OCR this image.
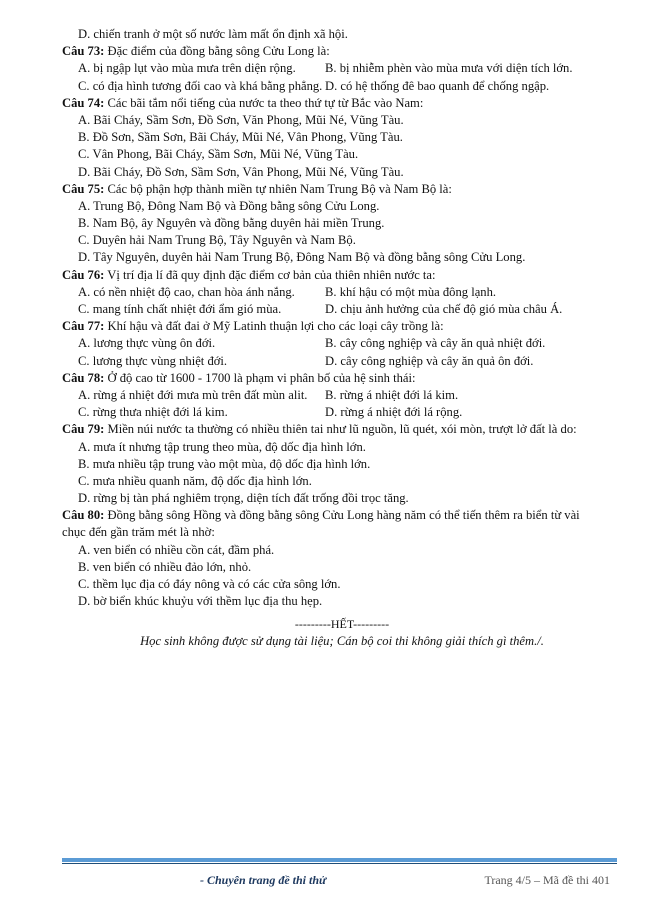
D. chiến tranh ở một số nước làm mất ổn định xã hội.
Câu 73: Đặc điểm của đồng bằng sông Cửu Long là:
A. bị ngập lụt vào mùa mưa trên diện rộng.	B. bị nhiễm phèn vào mùa mưa với diện tích lớn.
C. có địa hình tương đối cao và khá bằng phẳng. D. có hệ thống đê bao quanh để chống ngập.
Câu 74: Các bãi tắm nổi tiếng của nước ta theo thứ tự từ Bắc vào Nam:
A. Bãi Cháy, Sầm Sơn, Đồ Sơn, Văn Phong, Mũi Né, Vũng Tàu.
B. Đồ Sơn, Sầm Sơn, Bãi Cháy, Mũi Né, Vân Phong, Vũng Tàu.
C. Vân Phong, Bãi Cháy, Sầm Sơn, Mũi Né, Vũng Tàu.
D. Bãi Cháy, Đồ Sơn, Sầm Sơn, Vân Phong, Mũi Né, Vũng Tàu.
Câu 75: Các bộ phận hợp thành miền tự nhiên Nam Trung Bộ và Nam Bộ là:
A. Trung Bộ, Đông Nam Bộ và Đồng bằng sông Cửu Long.
B. Nam Bộ, ây Nguyên và đồng bằng duyên hải miền Trung.
C. Duyên hải Nam Trung Bộ, Tây Nguyên và Nam Bộ.
D. Tây Nguyên, duyên hải Nam Trung Bộ, Đông Nam Bộ và đồng bằng sông Cửu Long.
Câu 76: Vị trí địa lí đã quy định đặc điểm cơ bản của thiên nhiên nước ta:
A. có nền nhiệt độ cao, chan hòa ánh nắng.	B. khí hậu có một mùa đông lạnh.
C. mang tính chất nhiệt đới ẩm gió mùa.	D. chịu ảnh hưởng của chế độ gió mùa châu Á.
Câu 77: Khí hậu và đất đai ở Mỹ Latinh thuận lợi cho các loại cây trồng là:
A. lương thực vùng ôn đới.	B. cây công nghiệp và cây ăn quả nhiệt đới.
C. lương thực vùng nhiệt đới.	D. cây công nghiệp và cây ăn quả ôn đới.
Câu 78: Ở độ cao từ 1600 - 1700 là phạm vi phân bố của hệ sinh thái:
A. rừng á nhiệt đới mưa mù trên đất mùn alit.	B. rừng á nhiệt đới lá kim.
C. rừng thưa nhiệt đới lá kim.	D. rừng á nhiệt đới lá rộng.
Câu 79: Miền núi nước ta thường có nhiều thiên tai như lũ nguồn, lũ quét, xói mòn, trượt lở đất là do:
A. mưa ít nhưng tập trung theo mùa, độ dốc địa hình lớn.
B. mưa nhiều tập trung vào một mùa, độ dốc địa hình lớn.
C. mưa nhiều quanh năm, độ dốc địa hình lớn.
D. rừng bị tàn phá nghiêm trọng, diện tích đất trống đồi trọc tăng.
Câu 80: Đồng bằng sông Hồng và đồng bằng sông Cửu Long hàng năm có thể tiến thêm ra biển từ vài
chục đến gần trăm mét là nhờ:
A. ven biển có nhiều cồn cát, đầm phá.
B. ven biển có nhiều đảo lớn, nhỏ.
C. thềm lục địa có đáy nông và có các cửa sông lớn.
D. bờ biển khúc khuỷu với thềm lục địa thu hẹp.
---------HẾT---------
Học sinh không được sử dụng tài liệu; Cán bộ coi thi không giải thích gì thêm./.
- Chuyên trang đề thi thử	Trang 4/5 – Mã đề thi 401
